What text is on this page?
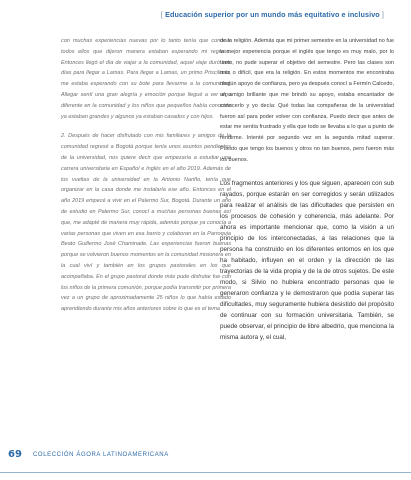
[ Educación superior por un mundo más equitativo e inclusivo ]

con muchas experiencias nuevas por lo tanto tenía que conocer todos ellos que dijeron manera estaban esperando mi regreso. Entonces llegó el día de viajar a la comunidad, aquel viaje duró tres días para llegar a Lamas. Para llegar a Lamas, un primo Prisciliano, me estaba esperando con su bote para llevarme a la comunidad. Allegar sentí una gran alegría y emoción porque llegué a ver algo diferente en la comunidad y los niños que pequeños había conocido ya estaban grandes y algunos ya estaban casados y con hijos.

2. Después de hacer disfrutado con mis familiares y amigos de la comunidad regresé a Bogotá porque tenía unos asuntos pendientes de la universidad, nos quiere decir que empezaría a estudiar una carrera universitaria en Español e Inglés en el año 2019. Además de los vueltas de la universidad en la Antonio Nariño, tenía que organizar en la casa donde me instalaría ese año. Entonces en el año 2019 empecé a vivir en el Palermo Sur, Bogotá. Durante un año de estudio en Palermo Sur, conocí a muchas personas buenas así que, me adapté de manera muy rápida, además porque ya conocía a varias personas que viven en esa barrio y colaboran en la Parroquia Beato Guillermo José Chaminade. Las experiencias fueron buenas porque se volvieron buenos momentos en la comunidad misionera en la cual viví y también en los grupos pastorales en los que acompañaba. En el grupo pastoral donde más pude disfrutar fue con los niños de la primera comunión, porque podía transmitir por primera vez a un grupo de aproximadamente 25 niños lo que había estado aprendiendo durante mis años anteriores sobre lo que es el tema

de la religión. Además que mi primer semestre en la universidad no fue la mejor experiencia porque el inglés que tengo es muy malo, por lo tanto, no pude superar el objetivo del semestre. Pero las clases son más o difícil, que era la religión. En estos momentos me encontraba ningún apoyo de confianza, pero ya después conocí a Fermín Calcedo, un amigo brillante que me brindó su apoyo, estaba encantador de conocerlo y yo decía: Qué todas las compañeras de la universidad fueron así para poder volver con confianza. Puedo decir que antes de estar me sentía frustrado y ella que todo se llevaba a lo que a punto de rendirme. Intenté por segundo vez en la segunda mitad superar. Puesto que tengo los buenos y otros no tan buenos, pero fueron más los buenos.

Los fragmentos anteriores y los que siguen, aparecen con sub rayados, porque estarán en ser corregidos y serán utilizados para realizar el análisis de las dificultades que persisten en los procesos de cohesión y coherencia, más adelante. Por ahora es importante mencionar que, como la visión a un principio de los interconectadas, a las relaciones que la persona ha construido en los diferentes entornos en los que ha habitado, influyen en el orden y la dirección de las trayectorias de la vida propia y de la de otros sujetos. De este modo, si Silvio no hubiera encontrado personas que le generaron confianza y le demostraron que podía superar las dificultades, muy seguramente hubiera desistido del propósito de continuar con su formación universitaria. También, se puede observar, el principio de libre albedrío, que menciona la misma autora y, el cual,

69 COLECCIÓN ÁGORA LATINOAMERICANA
